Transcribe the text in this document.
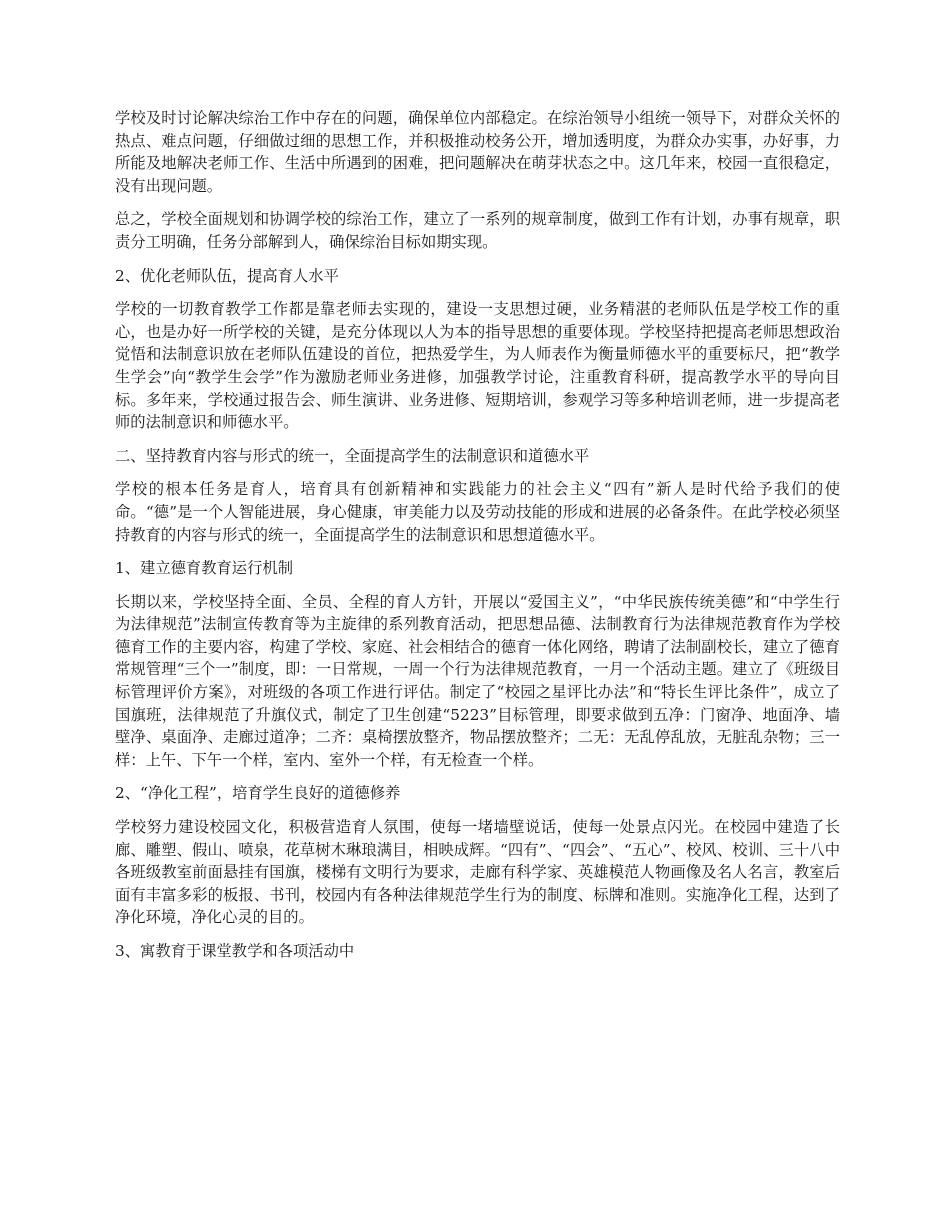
学校及时讨论解决综治工作中存在的问题，确保单位内部稳定。在综治领导小组统一领导下，对群众关怀的热点、难点问题，仔细做过细的思想工作，并积极推动校务公开，增加透明度，为群众办实事，办好事，力所能及地解决老师工作、生活中所遇到的困难，把问题解决在萌芽状态之中。这几年来，校园一直很稳定，没有出现问题。

总之，学校全面规划和协调学校的综治工作，建立了一系列的规章制度，做到工作有计划，办事有规章，职责分工明确，任务分部解到人，确保综治目标如期实现。

2、优化老师队伍，提高育人水平

学校的一切教育教学工作都是靠老师去实现的，建设一支思想过硬，业务精湛的老师队伍是学校工作的重心，也是办好一所学校的关键，是充分体现以人为本的指导思想的重要体现。学校坚持把提高老师思想政治觉悟和法制意识放在老师队伍建设的首位，把热爱学生，为人师表作为衡量师德水平的重要标尺，把“教学生学会”向“教学生会学”作为激励老师业务进修，加强教学讨论，注重教育科研，提高教学水平的导向目标。多年来，学校通过报告会、师生演讲、业务进修、短期培训，参观学习等多种培训老师，进一步提高老师的法制意识和师德水平。

二、坚持教育内容与形式的统一，全面提高学生的法制意识和道德水平

学校的根本任务是育人，培育具有创新精神和实践能力的社会主义“四有”新人是时代给予我们的使命。“德”是一个人智能进展，身心健康，审美能力以及劳动技能的形成和进展的必备条件。在此学校必须坚持教育的内容与形式的统一，全面提高学生的法制意识和思想道德水平。

1、建立德育教育运行机制

长期以来，学校坚持全面、全员、全程的育人方针，开展以“爱国主义”，“中华民族传统美德”和“中学生行为法律规范”法制宣传教育等为主旋律的系列教育活动，把思想品德、法制教育行为法律规范教育作为学校德育工作的主要内容，构建了学校、家庭、社会相结合的德育一体化网络，聘请了法制副校长，建立了德育常规管理“三个一”制度，即：一日常规，一周一个行为法律规范教育，一月一个活动主题。建立了《班级目标管理评价方案》，对班级的各项工作进行评估。制定了“校园之星评比办法”和“特长生评比条件”，成立了国旗班，法律规范了升旗仪式，制定了卫生创建“5223”目标管理，即要求做到五净：门窗净、地面净、墙壁净、桌面净、走廊过道净；二齐：桌椅摆放整齐，物品摆放整齐；二无：无乱停乱放，无脏乱杂物；三一样：上午、下午一个样，室内、室外一个样，有无检查一个样。

2、“净化工程”，培育学生良好的道德修养

学校努力建设校园文化，积极营造育人氛围，使每一堵墙壁说话，使每一处景点闪光。在校园中建造了长廊、雕塑、假山、喷泉，花草树木琳琅满目，相映成辉。“四有”、“四会”、“五心”、校风、校训、三十八中各班级教室前面悬挂有国旗，楼梯有文明行为要求，走廊有科学家、英雄模范人物画像及名人名言，教室后面有丰富多彩的板报、书刊，校园内有各种法律规范学生行为的制度、标牌和准则。实施净化工程，达到了净化环境，净化心灵的目的。

3、寓教育于课堂教学和各项活动中
